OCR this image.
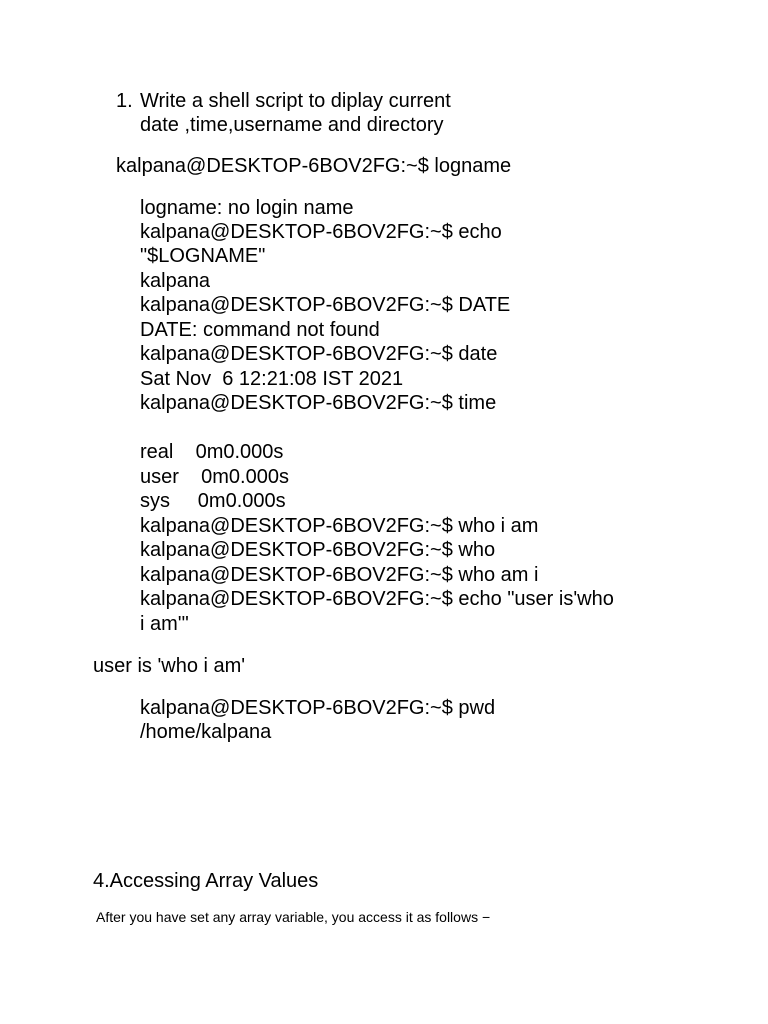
1. Write a shell script to diplay current
date ,time,username and directory
kalpana@DESKTOP-6BOV2FG:~$ logname
logname: no login name
kalpana@DESKTOP-6BOV2FG:~$ echo
"$LOGNAME"
kalpana
kalpana@DESKTOP-6BOV2FG:~$ DATE
DATE: command not found
kalpana@DESKTOP-6BOV2FG:~$ date
Sat Nov  6 12:21:08 IST 2021
kalpana@DESKTOP-6BOV2FG:~$ time
real    0m0.000s
user    0m0.000s
sys     0m0.000s
kalpana@DESKTOP-6BOV2FG:~$ who i am
kalpana@DESKTOP-6BOV2FG:~$ who
kalpana@DESKTOP-6BOV2FG:~$ who am i
kalpana@DESKTOP-6BOV2FG:~$ echo "user is'who
i am'"
user is 'who i am'
kalpana@DESKTOP-6BOV2FG:~$ pwd
/home/kalpana
4.Accessing Array Values
After you have set any array variable, you access it as follows −
